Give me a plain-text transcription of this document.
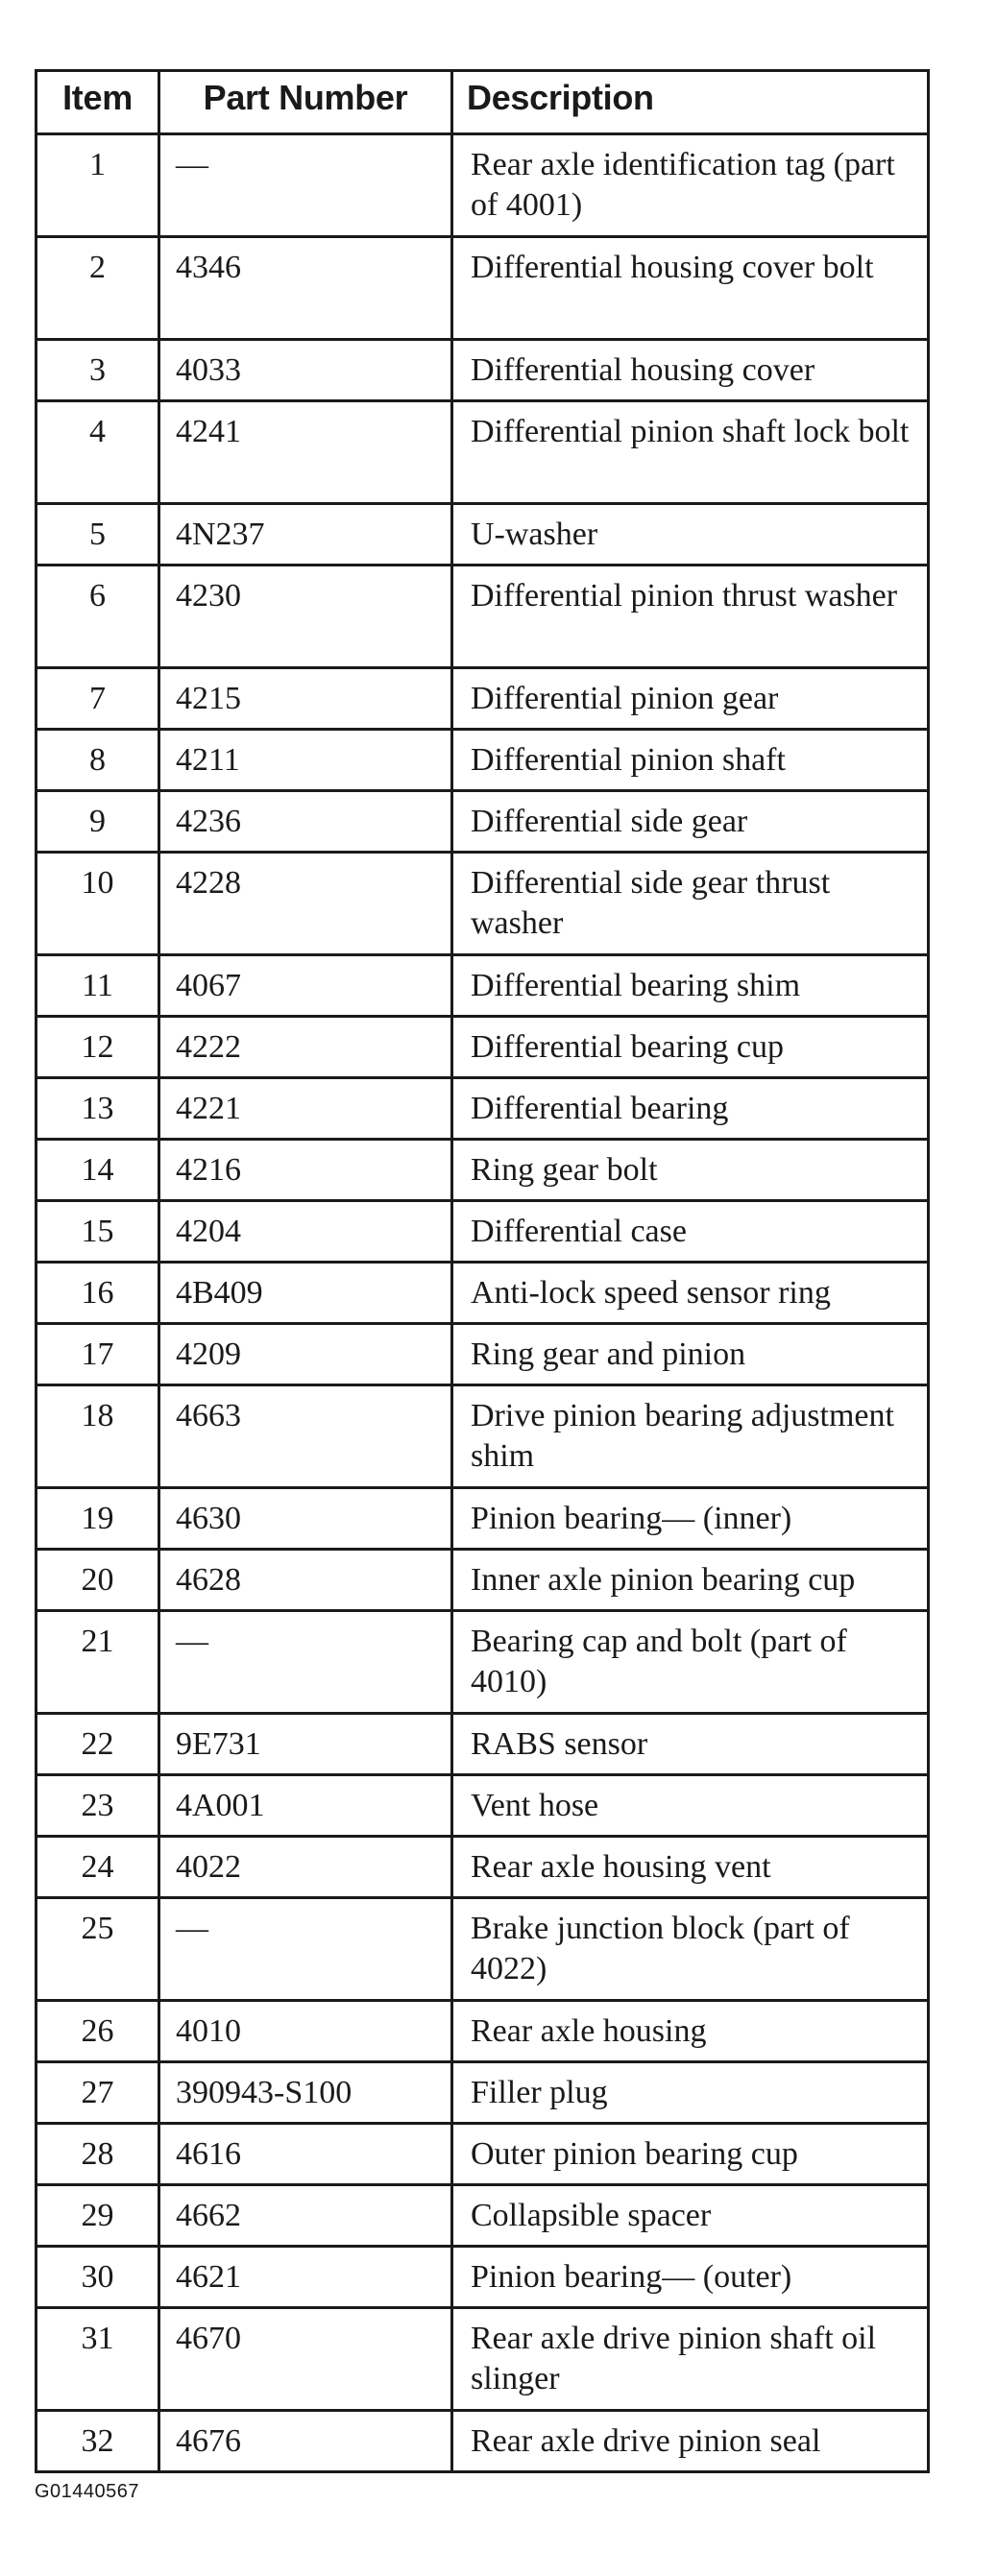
Item	Part Number	Description
1	—	Rear axle identification tag (part of 4001)
2	4346	Differential housing cover bolt
3	4033	Differential housing cover
4	4241	Differential pinion shaft lock bolt
5	4N237	U-washer
6	4230	Differential pinion thrust washer
7	4215	Differential pinion gear
8	4211	Differential pinion shaft
9	4236	Differential side gear
10	4228	Differential side gear thrust washer
11	4067	Differential bearing shim
12	4222	Differential bearing cup
13	4221	Differential bearing
14	4216	Ring gear bolt
15	4204	Differential case
16	4B409	Anti-lock speed sensor ring
17	4209	Ring gear and pinion
18	4663	Drive pinion bearing adjustment shim
19	4630	Pinion bearing— (inner)
20	4628	Inner axle pinion bearing cup
21	—	Bearing cap and bolt (part of 4010)
22	9E731	RABS sensor
23	4A001	Vent hose
24	4022	Rear axle housing vent
25	—	Brake junction block (part of 4022)
26	4010	Rear axle housing
27	390943-S100	Filler plug
28	4616	Outer pinion bearing cup
29	4662	Collapsible spacer
30	4621	Pinion bearing— (outer)
31	4670	Rear axle drive pinion shaft oil slinger
32	4676	Rear axle drive pinion seal
G01440567
